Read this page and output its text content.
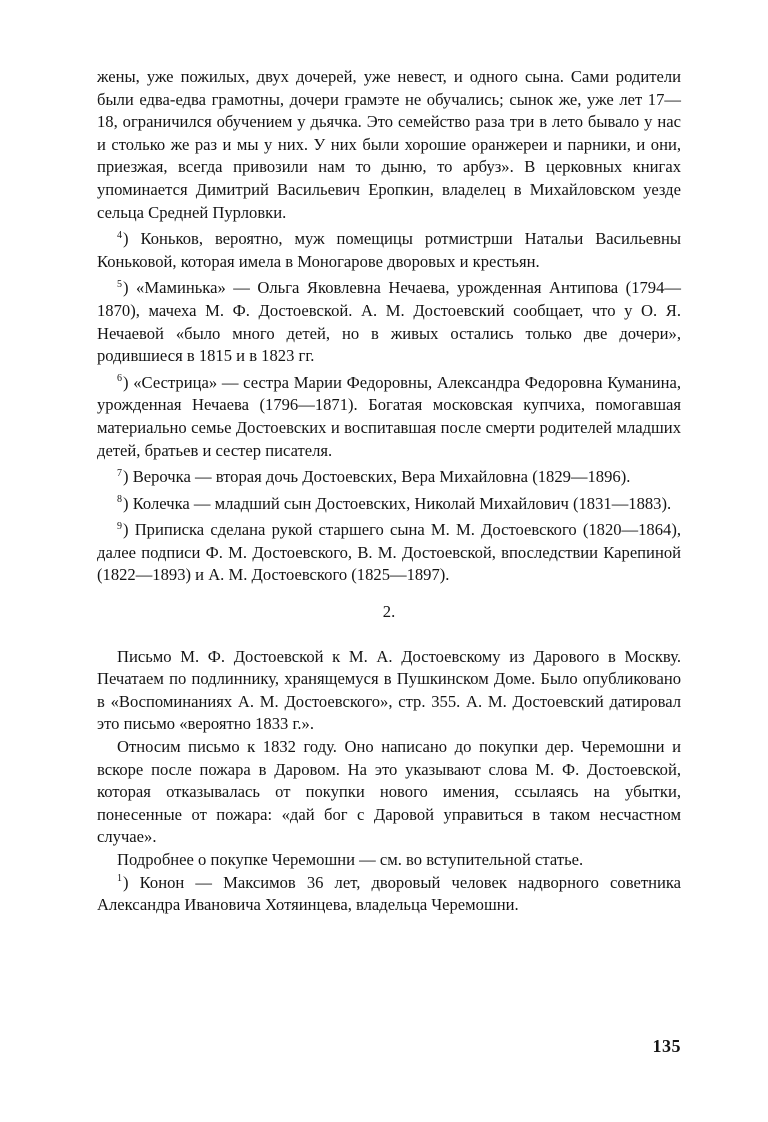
жены, уже пожилых, двух дочерей, уже невест, и одного сына. Сами родители были едва-едва грамотны, дочери грамэте не обучались; сынок же, уже лет 17—18, ограничился обучением у дьячка. Это семейство раза три в лето бывало у нас и столько же раз и мы у них. У них были хорошие оранжереи и парники, и они, приезжая, всегда привозили нам то дыню, то арбуз». В церковных книгах упоминается Димитрий Васильевич Еропкин, владелец в Михайловском уезде сельца Средней Пурловки.

$^4$) Коньков, вероятно, муж помещицы ротмистрши Натальи Васильевны Коньковой, которая имела в Моногарове дворовых и крестьян.

$^5$) «Маминька» — Ольга Яковлевна Нечаева, урожденная Антипова (1794—1870), мачеха М. Ф. Достоевской. А. М. Достоевский сообщает, что у О. Я. Нечаевой «было много детей, но в живых остались только две дочери», родившиеся в 1815 и в 1823 гг.

$^6$) «Сестрица» — сестра Марии Федоровны, Александра Федоровна Куманина, урожденная Нечаева (1796—1871). Богатая московская купчиха, помогавшая материально семье Достоевских и воспитавшая после смерти родителей младших детей, братьев и сестер писателя.

$^7$) Верочка — вторая дочь Достоевских, Вера Михайловна (1829—1896).

$^8$) Колечка — младший сын Достоевских, Николай Михайлович (1831—1883).

$^9$) Приписка сделана рукой старшего сына М. М. Достоевского (1820—1864), далее подписи Ф. М. Достоевского, В. М. Достоевской, впоследствии Карепиной (1822—1893) и А. М. Достоевского (1825—1897).

2.

Письмо М. Ф. Достоевской к М. А. Достоевскому из Дарового в Москву. Печатаем по подлиннику, хранящемуся в Пушкинском Доме. Было опубликовано в «Воспоминаниях А. М. Достоевского», стр. 355. А. М. Достоевский датировал это письмо «вероятно 1833 г.».

Относим письмо к 1832 году. Оно написано до покупки дер. Черемошни и вскоре после пожара в Даровом. На это указывают слова М. Ф. Достоевской, которая отказывалась от покупки нового имения, ссылаясь на убытки, понесенные от пожара: «дай бог с Даровой управиться в таком несчастном случае».

Подробнее о покупке Черемошни — см. во вступительной статье.

$^1$) Конон — Максимов 36 лет, дворовый человек надворного советника Александра Ивановича Хотяинцева, владельца Черемошни.

135
